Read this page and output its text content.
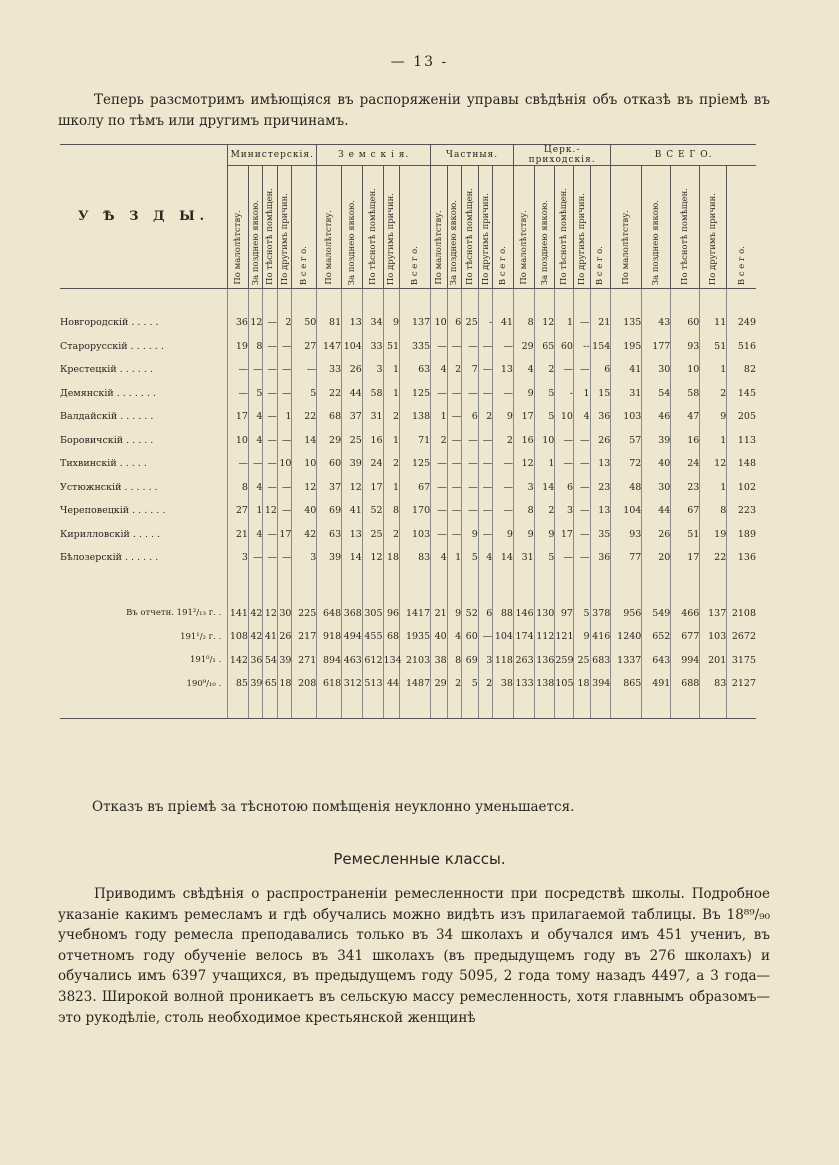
— 13 -
Теперь разсмотримъ имѣющіяся въ распоряженіи управы свѣдѣнія объ отказѣ въ пріемѣ въ школу по тѣмъ или другимъ причинамъ.
У Ѣ З Д Ы.	Министерскія.					З е м с к і я.					Частныя.					Церк.-приходскія.					В С Е Г О.				
	По малолѣтству.	За позднею явкою.	По тѣснотѣ помѣщен.	По другимъ причин.	В с е г о.	По малолѣтству.	За позднею явкою.	По тѣснотѣ помѣщен.	По другимъ причин.	В с е г о.	По малолѣтству.	За позднею явкою.	По тѣснотѣ помѣщен.	По другимъ причин.	В с е г о.	По малолѣтству.	За позднею явкою.	По тѣснотѣ помѣщен.	По другимъ причин.	В с е г о.	По малолѣтству.	За позднею явкою.	По тѣснотѣ помѣщен.	По другимъ причин.	В с е г о.

Новгородскій . . . . .	36	12	—	2	50	81	13	34	9	137	10	6	25	-	41	8	12	1	—	21	135	43	60	11	249
Старорусскій . . . . . .	19	8	—	—	27	147	104	33	51	335	—	—	—	—	—	29	65	60	--	154	195	177	93	51	516
Крестецкій . . . . . .	—	—	—	—	—	33	26	3	1	63	4	2	7	—	13	4	2	—	—	6	41	30	10	1	82
Демянскій . . . . . . .	—	5	—	—	5	22	44	58	1	125	—	—	—	—	—	9	5	-	1	15	31	54	58	2	145
Валдайскій . . . . . .	17	4	—	1	22	68	37	31	2	138	1	—	6	2	9	17	5	10	4	36	103	46	47	9	205
Боровичскій . . . . .	10	4	—	—	14	29	25	16	1	71	2	—	—	—	2	16	10	—	—	26	57	39	16	1	113
Тихвинскій . . . . .	—	—	—	10	10	60	39	24	2	125	—	—	—	—	—	12	1	—	—	13	72	40	24	12	148
Устюжнскій . . . . . .	8	4	—	—	12	37	12	17	1	67	—	—	—	—	—	3	14	6	—	23	48	30	23	1	102
Череповецкій . . . . . .	27	1	12	—	40	69	41	52	8	170	—	—	—	—	—	8	2	3	—	13	104	44	67	8	223
Кирилловскій . . . . .	21	4	—	17	42	63	13	25	2	103	—	—	9	—	9	9	9	17	—	35	93	26	51	19	189
Бѣлозерскій . . . . . .	3	—	—	—	3	39	14	12	18	83	4	1	5	4	14	31	5	—	—	36	77	20	17	22	136

Въ отчетн. 191²/₁₃ г. .	141	42	12	30	225	648	368	305	96	1417	21	9	52	6	88	146	130	97	5	378	956	549	466	137	2108
191¹/₂ г. .	108	42	41	26	217	918	494	455	68	1935	40	4	60	—	104	174	112	121	9	416	1240	652	677	103	2672
191⁰/₁ .	142	36	54	39	271	894	463	612	134	2103	38	8	69	3	118	263	136	259	25	683	1337	643	994	201	3175
190⁹/₁₀ .	85	39	65	18	208	618	312	513	44	1487	29	2	5	2	38	133	138	105	18	394	865	491	688	83	2127

Отказъ въ пріемѣ за тѣснотою помѣщенія неуклонно уменьшается.
Ремесленные классы.
Приводимъ свѣдѣнія о распространеніи ремесленности при посредствѣ школы. Подробное указаніе какимъ ремесламъ и гдѣ обучались можно видѣть изъ прилагаемой таблицы. Въ 18⁸⁹/₉₀ учебномъ году ремесла преподавались только въ 34 школахъ и обучался имъ 451 учениъ, въ отчетномъ году обученіе велось въ 341 школахъ (въ предыдущемъ году въ 276 школахъ) и обучались имъ 6397 учащихся, въ предыдущемъ году 5095, 2 года тому назадъ 4497, а 3 года—3823. Широкой волной проникаетъ въ сельскую массу ремесленность, хотя главнымъ образомъ—это рукодѣліе, столь необходимое крестьянской женщинѣ
